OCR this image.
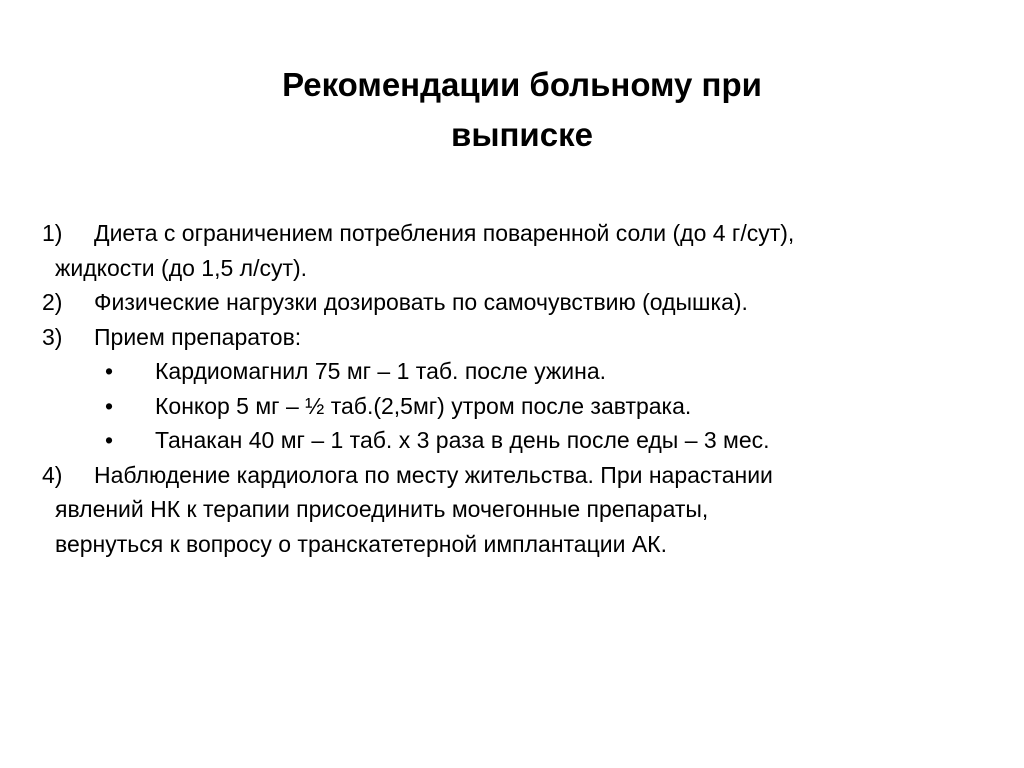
Рекомендации больному при
выписке
1)	Диета с ограничением потребления поваренной соли (до 4 г/сут),
жидкости (до 1,5 л/сут).
2)	Физические нагрузки дозировать по самочувствию (одышка).
3)	Прием препаратов:
•	Кардиомагнил 75 мг – 1 таб. после ужина.
•	Конкор 5 мг – ½ таб.(2,5мг) утром после завтрака.
•	Танакан 40 мг – 1 таб. х 3 раза в день после еды – 3 мес.
4)	Наблюдение кардиолога по месту жительства. При нарастании
явлений НК к терапии присоединить мочегонные препараты,
вернуться к вопросу о транскатетерной имплантации АК.
